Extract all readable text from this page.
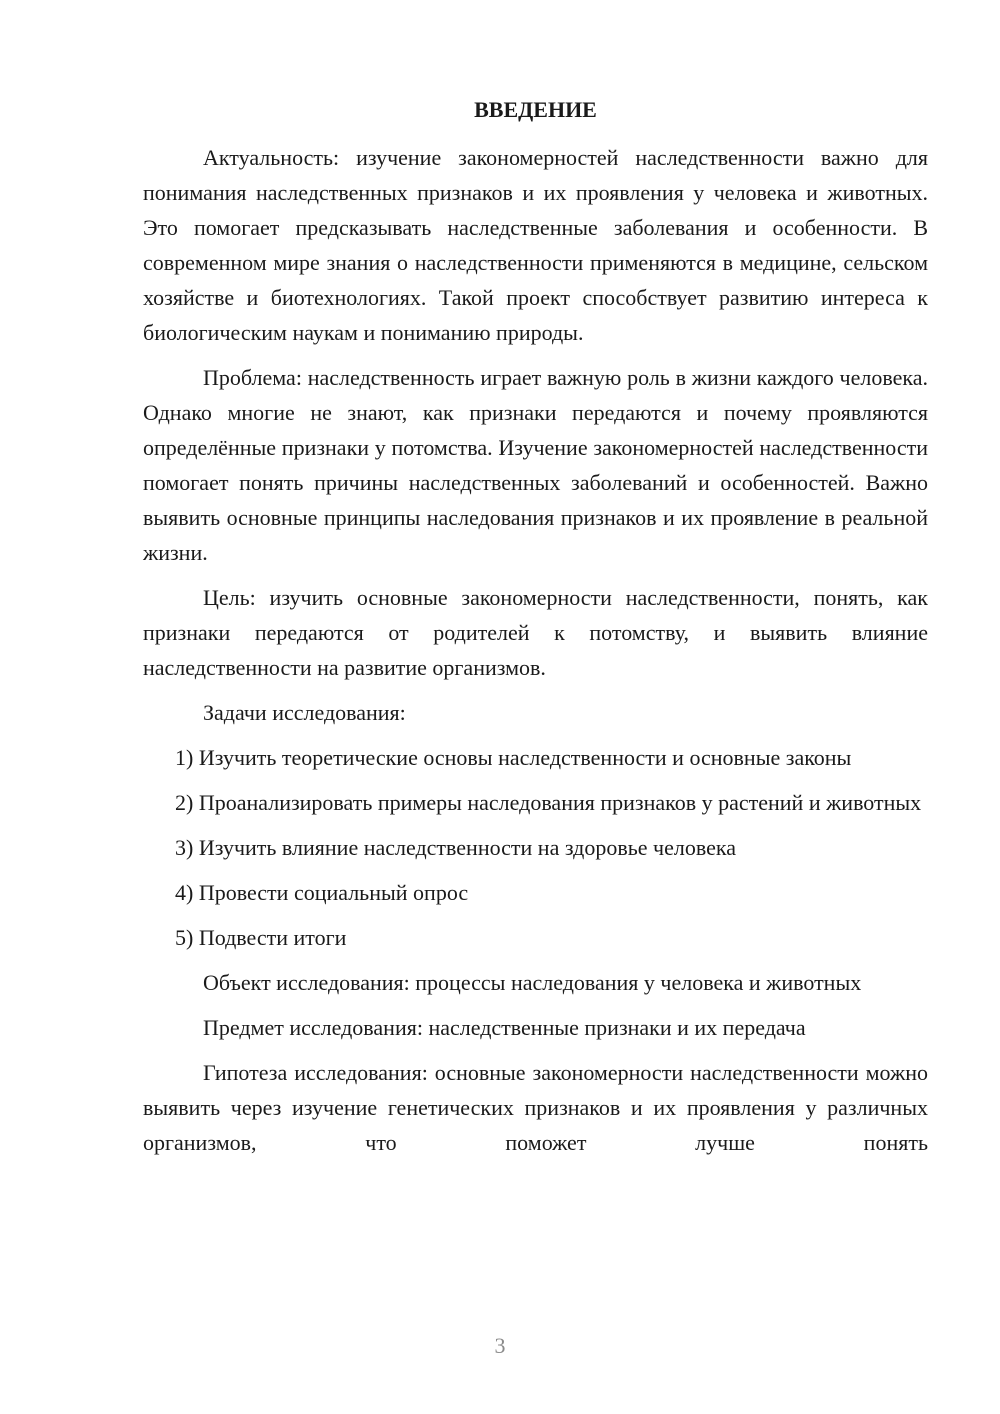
ВВЕДЕНИЕ

Актуальность: изучение закономерностей наследственности важно для понимания наследственных признаков и их проявления у человека и животных. Это помогает предсказывать наследственные заболевания и особенности. В современном мире знания о наследственности применяются в медицине, сельском хозяйстве и биотехнологиях. Такой проект способствует развитию интереса к биологическим наукам и пониманию природы.

Проблема: наследственность играет важную роль в жизни каждого человека. Однако многие не знают, как признаки передаются и почему проявляются определённые признаки у потомства. Изучение закономерностей наследственности помогает понять причины наследственных заболеваний и особенностей. Важно выявить основные принципы наследования признаков и их проявление в реальной жизни.

Цель: изучить основные закономерности наследственности, понять, как признаки передаются от родителей к потомству, и выявить влияние наследственности на развитие организмов.

Задачи исследования:

1) Изучить теоретические основы наследственности и основные законы

2) Проанализировать примеры наследования признаков у растений и животных

3) Изучить влияние наследственности на здоровье человека

4) Провести социальный опрос

5) Подвести итоги

Объект исследования: процессы наследования у человека и животных

Предмет исследования: наследственные признаки и их передача

Гипотеза исследования: основные закономерности наследственности можно выявить через изучение генетических признаков и их проявления у различных организмов, что поможет лучше понять

3
